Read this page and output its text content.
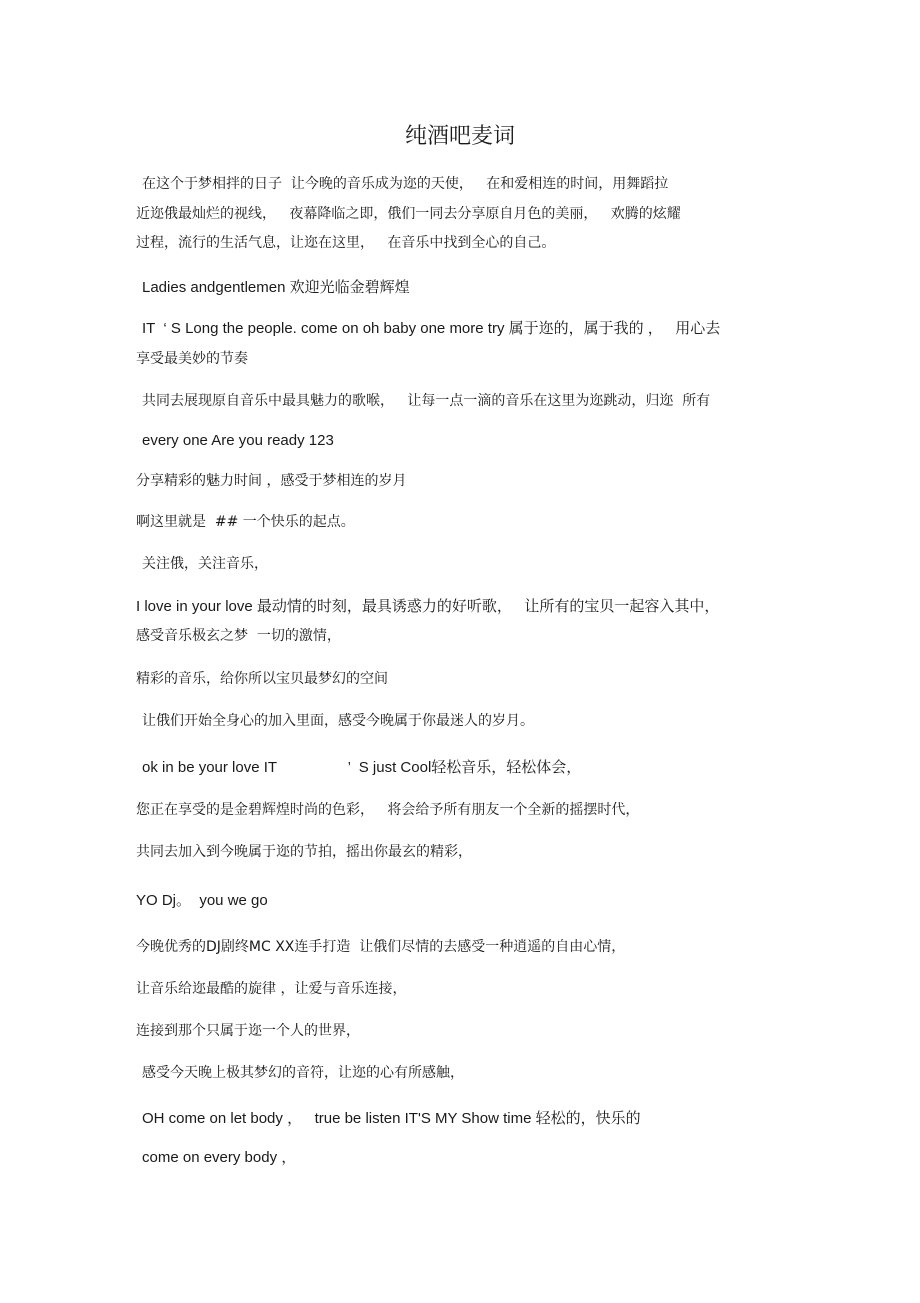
纯酒吧麦词
在这个于梦相拌的日子  让今晚的音乐成为迩的天使，   在和爱相连的时间，用舞蹈拉
近迩俄最灿烂的视线，   夜幕降临之即，俄们一同去分享原自月色的美丽，   欢腾的炫耀
过程，流行的生活气息，让迩在这里，   在音乐中找到全心的自己。
Ladies andgentlemen 欢迎光临金碧辉煌
IT  ‘ S Long the people. come on oh baby one more try 属于迩的，属于我的 ，   用心去
享受最美妙的节奏
共同去展现原自音乐中最具魅力的歌喉，   让每一点一滴的音乐在这里为迩跳动，归迩  所有
every one Are you ready 123
分享精彩的魅力时间 ，感受于梦相连的岁月
啊这里就是  ## 一个快乐的起点。
关注俄，关注音乐，
I love in your love 最动情的时刻，最具诱惑力的好听歌，   让所有的宝贝一起容入其中，
感受音乐极玄之梦  一切的激情，
精彩的音乐，给你所以宝贝最梦幻的空间
让俄们开始全身心的加入里面，感受今晚属于你最迷人的岁月。
ok in be your love IT                 ’  S just Cool轻松音乐，轻松体会，
您正在享受的是金碧辉煌时尚的色彩，   将会给予所有朋友一个全新的摇摆时代，
共同去加入到今晚属于迩的节拍，摇出你最玄的精彩，
YO Dj。  you we go
今晚优秀的DJ剧终MC XX连手打造  让俄们尽情的去感受一种逍遥的自由心情，
让音乐给迩最酷的旋律 ，让爱与音乐连接，
连接到那个只属于迩一个人的世界，
感受今天晚上极其梦幻的音符，让迩的心有所感触，
OH come on let body ，   true be listen IT'S MY Show time 轻松的，快乐的
come on every body ，
